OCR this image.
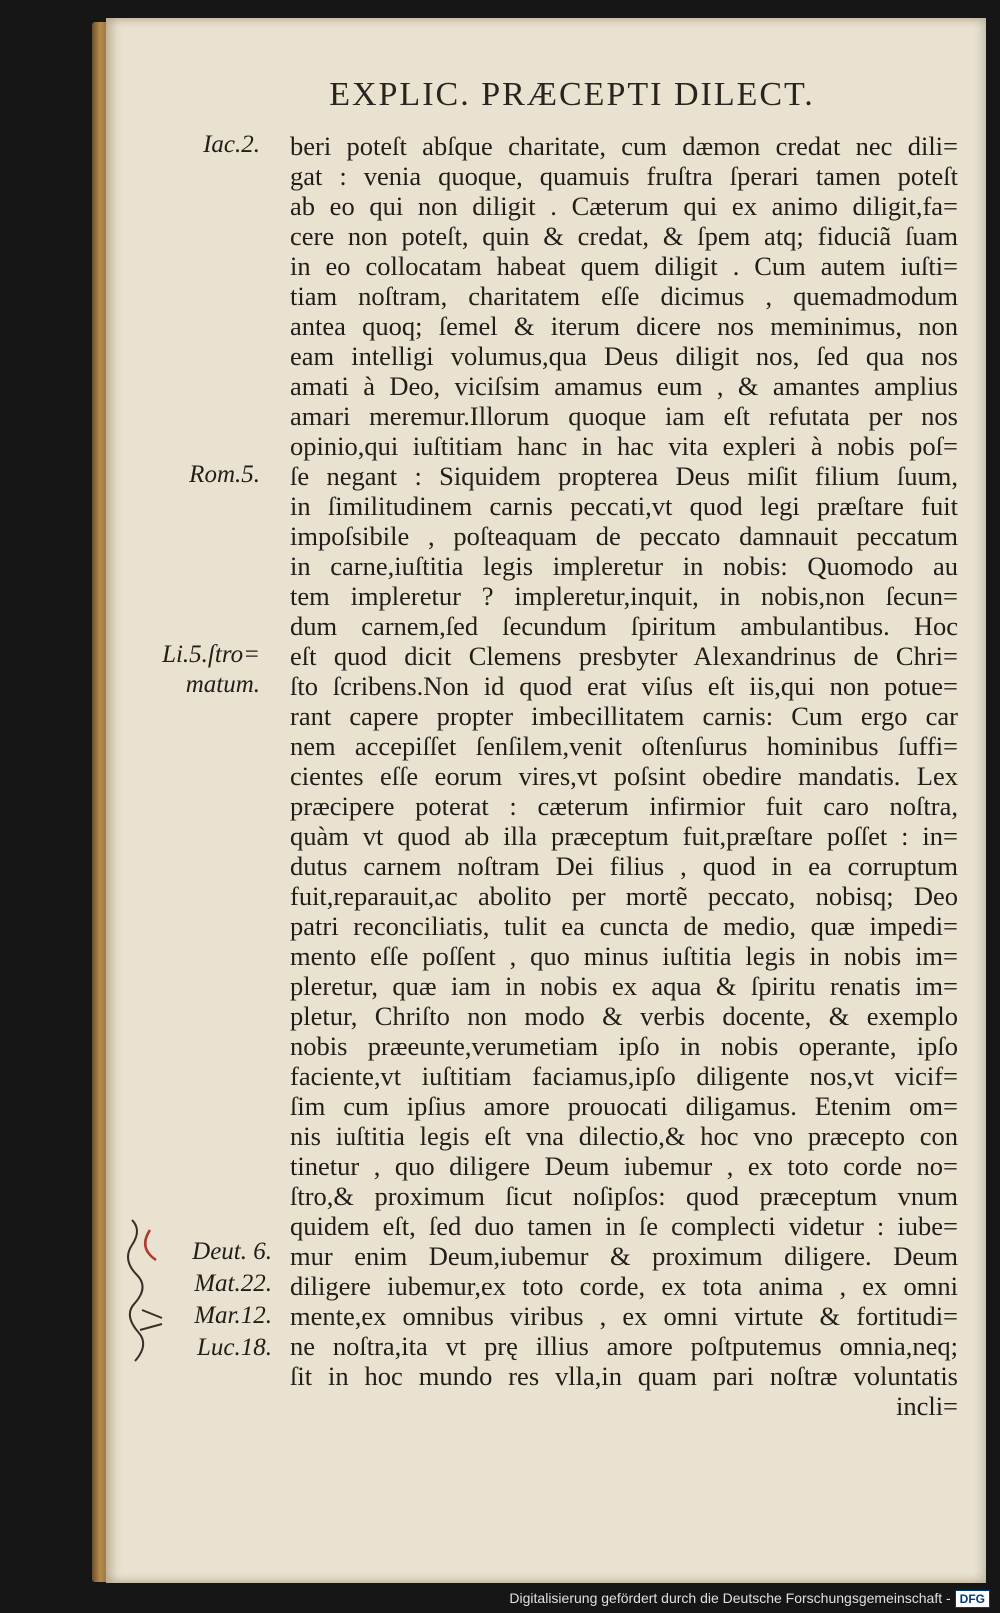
EXPLIC. PRÆCEPTI DILECT.
beri poteſt abſque charitate, cum dæmon credat nec dili=
gat : venia quoque, quamuis fruſtra ſperari tamen poteſt
ab eo qui non diligit . Cæterum qui ex animo diligit,fa=
cere non poteſt, quin & credat, & ſpem atq; fiduciã ſuam
in eo collocatam habeat quem diligit . Cum autem iuſti=
tiam noſtram, charitatem eſſe dicimus , quemadmodum
antea quoq; ſemel & iterum dicere nos meminimus, non
eam intelligi volumus,qua Deus diligit nos, ſed qua nos
amati à Deo, viciſsim amamus eum , & amantes amplius
amari meremur.Illorum quoque iam eſt refutata per nos
opinio,qui iuſtitiam hanc in hac vita expleri à nobis poſ=
ſe negant : Siquidem propterea Deus miſit filium ſuum,
in ſimilitudinem carnis peccati,vt quod legi præſtare fuit
impoſsibile , poſteaquam de peccato damnauit peccatum
in carne,iuſtitia legis impleretur in nobis: Quomodo au
tem impleretur ? impleretur,inquit, in nobis,non ſecun=
dum carnem,ſed ſecundum ſpiritum ambulantibus. Hoc
eſt quod dicit Clemens presbyter Alexandrinus de Chri=
ſto ſcribens.Non id quod erat viſus eſt iis,qui non potue=
rant capere propter imbecillitatem carnis: Cum ergo car
nem accepiſſet ſenſilem,venit oſtenſurus hominibus ſuffi=
cientes eſſe eorum vires,vt poſsint obedire mandatis. Lex
præcipere poterat : cæterum infirmior fuit caro noſtra,
quàm vt quod ab illa præceptum fuit,præſtare poſſet : in=
dutus carnem noſtram Dei filius , quod in ea corruptum
fuit,reparauit,ac abolito per mortẽ peccato, nobisq; Deo
patri reconciliatis, tulit ea cuncta de medio, quæ impedi=
mento eſſe poſſent , quo minus iuſtitia legis in nobis im=
pleretur, quæ iam in nobis ex aqua & ſpiritu renatis im=
pletur, Chriſto non modo & verbis docente, & exemplo
nobis præeunte,verumetiam ipſo in nobis operante, ipſo
faciente,vt iuſtitiam faciamus,ipſo diligente nos,vt vicif=
ſim cum ipſius amore prouocati diligamus. Etenim om=
nis iuſtitia legis eſt vna dilectio,& hoc vno præcepto con
tinetur , quo diligere Deum iubemur , ex toto corde no=
ſtro,& proximum ſicut noſipſos: quod præceptum vnum
quidem eſt, ſed duo tamen in ſe complecti videtur : iube=
mur enim Deum,iubemur & proximum diligere. Deum
diligere iubemur,ex toto corde, ex tota anima , ex omni
mente,ex omnibus viribus , ex omni virtute & fortitudi=
ne noſtra,ita vt prę illius amore poſtputemus omnia,neq;
ſit in hoc mundo res vlla,in quam pari noſtræ voluntatis
incli=
Iac.2.
Rom.5.
Li.5.ſtro=
matum.
Deut. 6.
Mat.22.
Mar.12.
Luc.18.
Digitalisierung gefördert durch die Deutsche Forschungsgemeinschaft - DFG
